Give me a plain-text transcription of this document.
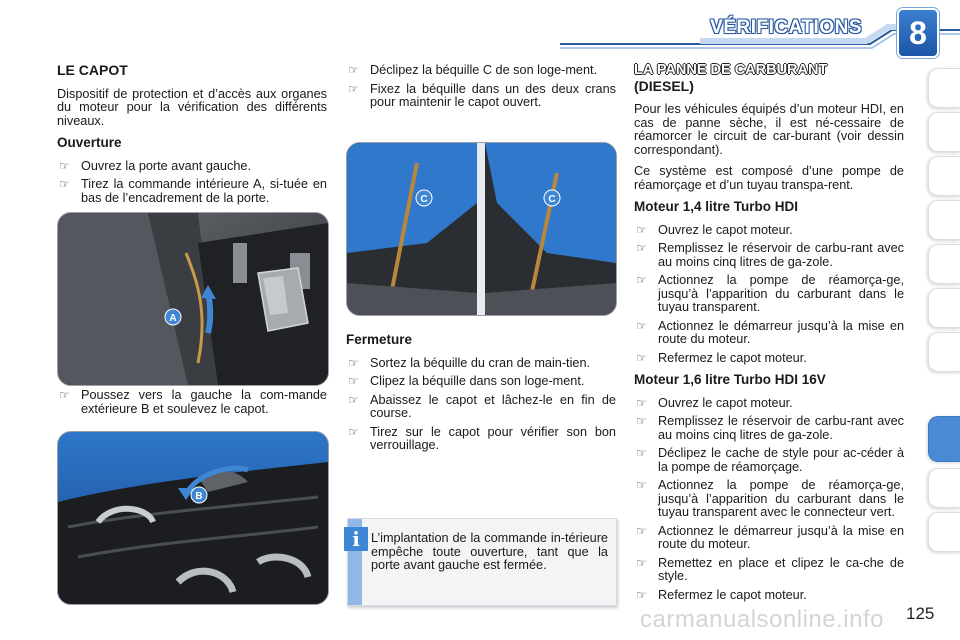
VÉRIFICATIONS	8
LE CAPOT

Dispositif de protection et d’accès aux organes du moteur pour la vérification des différents niveaux.

Ouverture
☞ Ouvrez la porte avant gauche.
☞ Tirez la commande intérieure A, si-tuée en bas de l’encadrement de la porte.
A
☞ Poussez vers la gauche la com-mande extérieure B et soulevez le capot.
B
☞ Déclipez la béquille C de son loge-ment.
☞ Fixez la béquille dans un des deux crans pour maintenir le capot ouvert.
C	C
Fermeture
☞ Sortez la béquille du cran de main-tien.
☞ Clipez la béquille dans son loge-ment.
☞ Abaissez le capot et lâchez-le en fin de course.
☞ Tirez sur le capot pour vérifier son bon verrouillage.
i L’implantation de la commande in-térieure empêche toute ouverture, tant que la porte avant gauche est fermée.
LA PANNE DE CARBURANT
(DIESEL)

Pour les véhicules équipés d’un moteur HDI, en cas de panne sèche, il est né-cessaire de réamorcer le circuit de car-burant (voir dessin correspondant).

Ce système est composé d’une pompe de réamorçage et d’un tuyau transpa-rent.

Moteur 1,4 litre Turbo HDI
☞ Ouvrez le capot moteur.
☞ Remplissez le réservoir de carbu-rant avec au moins cinq litres de ga-zole.
☞ Actionnez la pompe de réamorça-ge, jusqu’à l’apparition du carburant dans le tuyau transparent.
☞ Actionnez le démarreur jusqu’à la mise en route du moteur.
☞ Refermez le capot moteur.
Moteur 1,6 litre Turbo HDI 16V
☞ Ouvrez le capot moteur.
☞ Remplissez le réservoir de carbu-rant avec au moins cinq litres de ga-zole.
☞ Déclipez le cache de style pour ac-céder à la pompe de réamorçage.
☞ Actionnez la pompe de réamorça-ge, jusqu’à l’apparition du carburant dans le tuyau transparent avec le connecteur vert.
☞ Actionnez le démarreur jusqu’à la mise en route du moteur.
☞ Remettez en place et clipez le ca-che de style.
☞ Refermez le capot moteur.
carmanualsonline.info 125
